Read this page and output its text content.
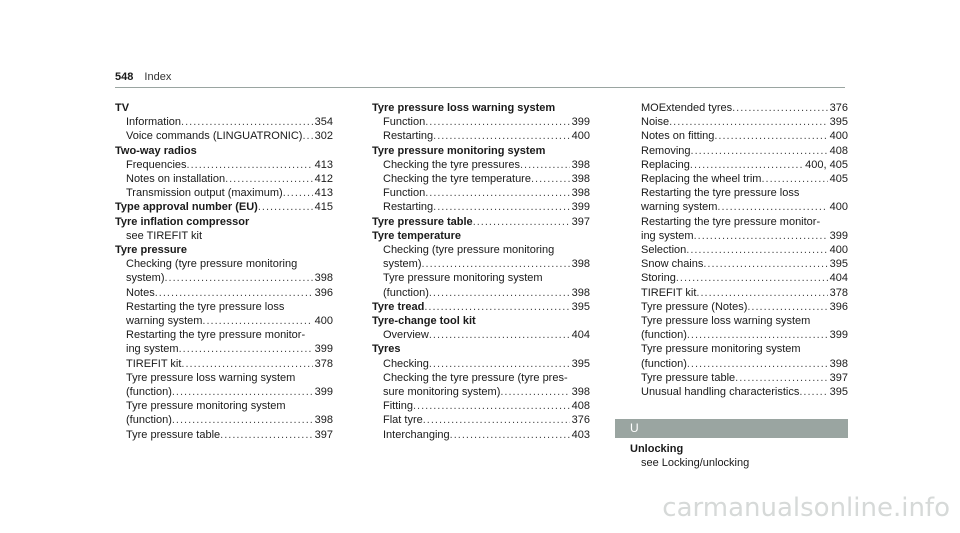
548 Index
TV
Information .....	354
Voice commands (LINGUATRONIC) ..... 302
Two-way radios
Frequencies .....	413
Notes on installation .....	412
Transmission output (maximum) .....	413
Type approval number (EU) .....	415
Tyre inflation compressor
see TIREFIT kit
Tyre pressure
Checking (tyre pressure monitoring
system) .....	398
Notes .....	396
Restarting the tyre pressure loss
warning system .....	400
Restarting the tyre pressure monitor-
ing system .....	399
TIREFIT kit .....	378
Tyre pressure loss warning system
(function) .....	399
Tyre pressure monitoring system
(function) .....	398
Tyre pressure table .....	397
Tyre pressure loss warning system
Function .....	399
Restarting .....	400
Tyre pressure monitoring system
Checking the tyre pressures .....	398
Checking the tyre temperature .....	398
Function .....	398
Restarting .....	399
Tyre pressure table .....	397
Tyre temperature
Checking (tyre pressure monitoring
system) .....	398
Tyre pressure monitoring system
(function) .....	398
Tyre tread .....	395
Tyre-change tool kit
Overview .....	404
Tyres
Checking .....	395
Checking the tyre pressure (tyre pres-
sure monitoring system) .....	398
Fitting .....	408
Flat tyre .....	376
Interchanging .....	403
MOExtended tyres .....	376
Noise .....	395
Notes on fitting .....	400
Removing .....	408
Replacing .....	400, 405
Replacing the wheel trim .....	405
Restarting the tyre pressure loss
warning system .....	400
Restarting the tyre pressure monitor-
ing system .....	399
Selection .....	400
Snow chains .....	395
Storing .....	404
TIREFIT kit .....	378
Tyre pressure (Notes) .....	396
Tyre pressure loss warning system
(function) .....	399
Tyre pressure monitoring system
(function) .....	398
Tyre pressure table .....	397
Unusual handling characteristics .....	395
U
Unlocking
see Locking/unlocking
carmanualsonline.info
